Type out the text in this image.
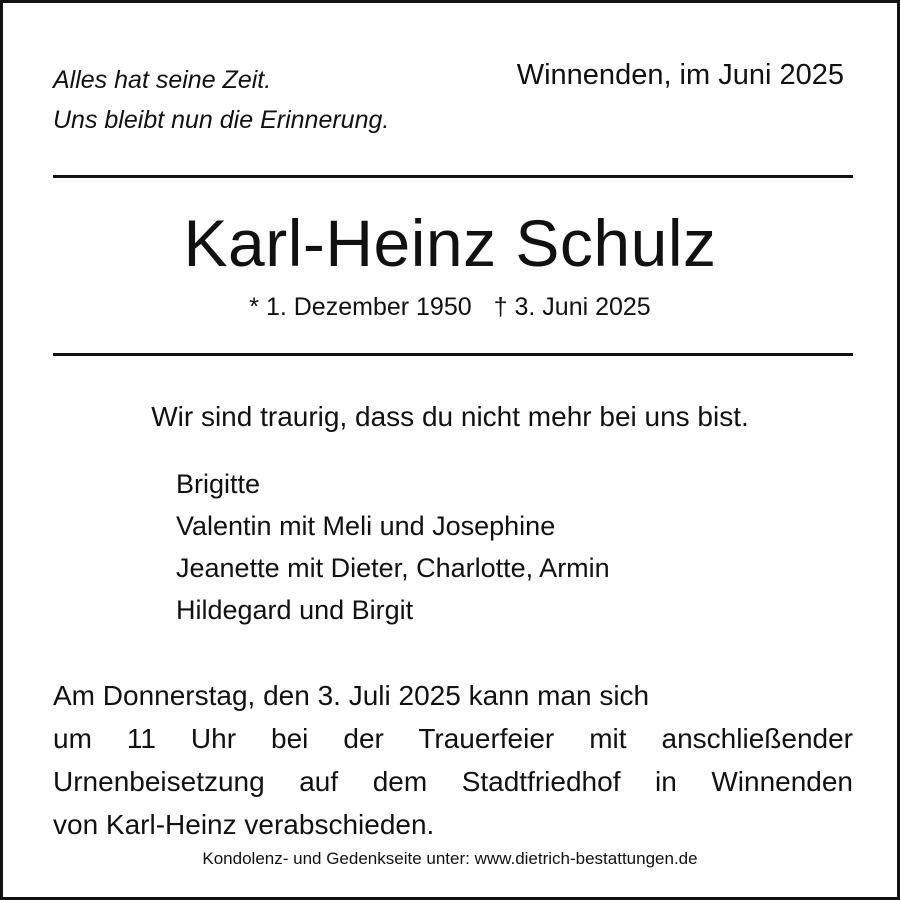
Alles hat seine Zeit.
Uns bleibt nun die Erinnerung.
Winnenden, im Juni 2025
Karl-Heinz Schulz
* 1. Dezember 1950 † 3. Juni 2025
Wir sind traurig, dass du nicht mehr bei uns bist.
Brigitte
Valentin mit Meli und Josephine
Jeanette mit Dieter, Charlotte, Armin
Hildegard und Birgit
Am Donnerstag, den 3. Juli 2025 kann man sich
um 11 Uhr bei der Trauerfeier mit anschließender
Urnenbeisetzung auf dem Stadtfriedhof in Winnenden
von Karl-Heinz verabschieden.
Kondolenz- und Gedenkseite unter: www.dietrich-bestattungen.de
